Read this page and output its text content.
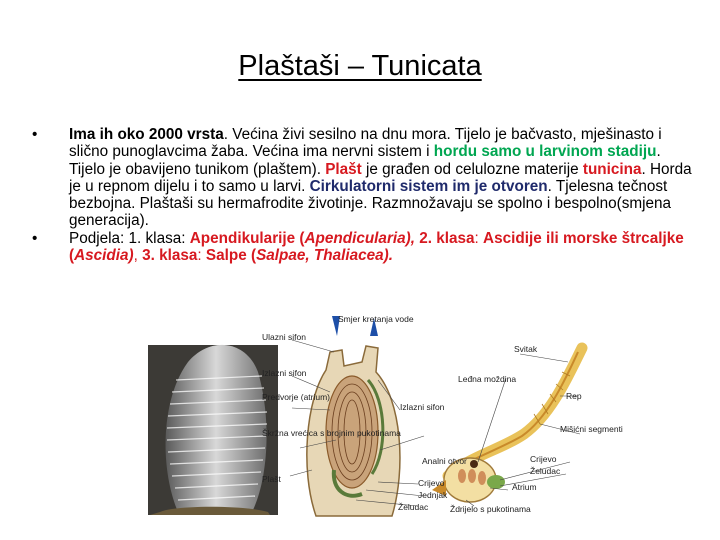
Plaštaši – Tunicata
• Ima ih oko 2000 vrsta. Većina živi sesilno na dnu mora. Tijelo je bačvasto, mješinasto i slično punoglavcima žaba. Većina ima nervni sistem i hordu samo u larvinom stadiju. Tijelo je obavijeno tunikom (plaštem). Plašt je građen od celulozne materije tunicina. Horda je u repnom dijelu i to samo u larvi. Cirkulatorni sistem im je otvoren. Tjelesna tečnost bezbojna. Plaštaši su hermafrodite životinje. Razmnožavaju se spolno i bespolno(smjena generacija).
• Podjela: 1. klasa: Apendikularije (Apendicularia), 2. klasa: Ascidije ili morske štrcaljke (Ascidia), 3. klasa: Salpe (Salpae, Thaliacea).
Smjer kretanja vode
Ulazni sifon
Izlazni sifon
Predvorje (atrium)
Izlazni sifon
Škržna vrećica s brojnim pukotinama
Plašt
Analni otvor
Crijevo
Jednjak
Želudac
Svitak
Leđna moždina
Rep
Mišićni segmenti
Crijevo
Želudac
Atrium
Ždrijelo s pukotinama
